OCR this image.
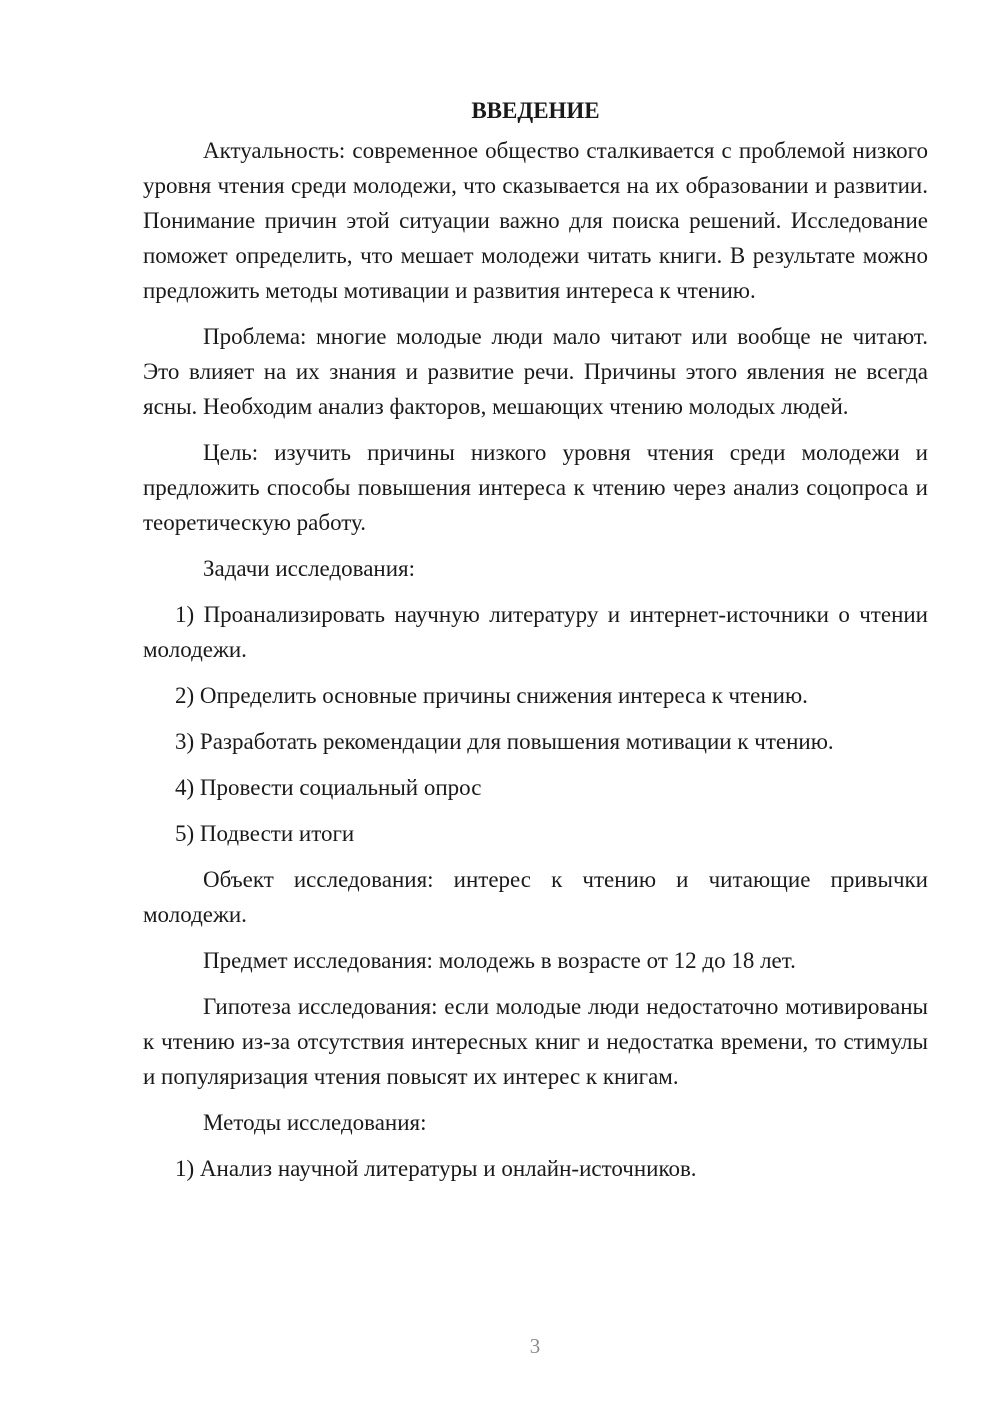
ВВЕДЕНИЕ

Актуальность: современное общество сталкивается с проблемой низкого уровня чтения среди молодежи, что сказывается на их образовании и развитии. Понимание причин этой ситуации важно для поиска решений. Исследование поможет определить, что мешает молодежи читать книги. В результате можно предложить методы мотивации и развития интереса к чтению.

Проблема: многие молодые люди мало читают или вообще не читают. Это влияет на их знания и развитие речи. Причины этого явления не всегда ясны. Необходим анализ факторов, мешающих чтению молодых людей.

Цель: изучить причины низкого уровня чтения среди молодежи и предложить способы повышения интереса к чтению через анализ соцопроса и теоретическую работу.

Задачи исследования:

1) Проанализировать научную литературу и интернет-источники о чтении молодежи.

2) Определить основные причины снижения интереса к чтению.

3) Разработать рекомендации для повышения мотивации к чтению.

4) Провести социальный опрос

5) Подвести итоги

Объект исследования: интерес к чтению и читающие привычки молодежи.

Предмет исследования: молодежь в возрасте от 12 до 18 лет.

Гипотеза исследования: если молодые люди недостаточно мотивированы к чтению из-за отсутствия интересных книг и недостатка времени, то стимулы и популяризация чтения повысят их интерес к книгам.

Методы исследования:

1) Анализ научной литературы и онлайн-источников.

3
